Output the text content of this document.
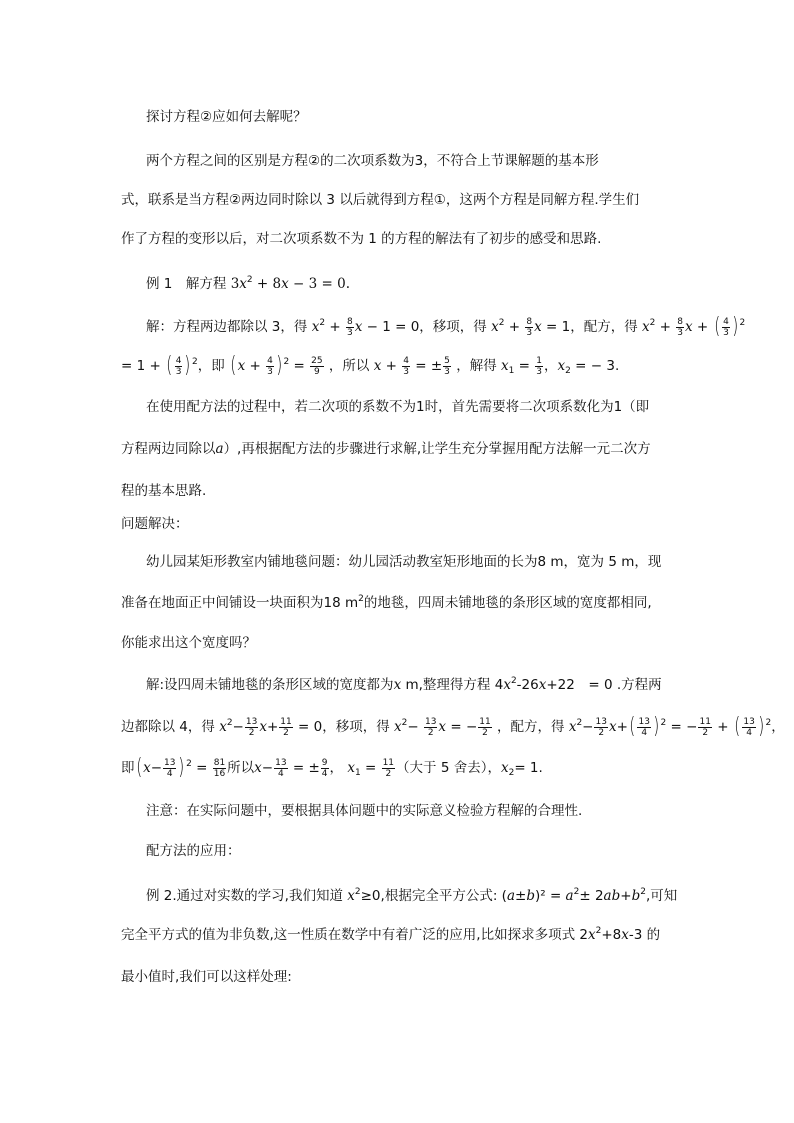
探讨方程②应如何去解呢？
两个方程之间的区别是方程②的二次项系数为3，不符合上节课解题的基本形
式，联系是当方程②两边同时除以 3 以后就得到方程①，这两个方程是同解方程.学生们
作了方程的变形以后，对二次项系数不为 1 的方程的解法有了初步的感受和思路.
例 1　解方程 $3x^2 + 8x - 3 = 0$.
解：方程两边都除以 3，得 $x^2 + \frac{8}{3}$ x − 1 = 0，移项，得 $x^2 + \frac{8}{3}$ x = 1，配方，得 $x^2 + \frac{8}{3}$ x + ( $\frac{4}{3} )^2$
= 1 + ( $\frac{4}{3} )^2$，即 $(x + \frac{4}{3} )^2 = \frac{25}{9}$ ，所以 $x + \frac{4}{3}$ = ± $\frac{5}{3}$ ，解得 $x_1 = \frac{1}{3}$ ，$x_2$ = − 3.
在使用配方法的过程中，若二次项的系数不为1时，首先需要将二次项系数化为1（即
方程两边同除以a）,再根据配方法的步骤进行求解,让学生充分掌握用配方法解一元二次方
程的基本思路.
问题解决：
幼儿园某矩形教室内铺地毯问题：幼儿园活动教室矩形地面的长为8 m，宽为 5 m，现
准备在地面正中间铺设一块面积为18 $m^2$的地毯，四周未铺地毯的条形区域的宽度都相同,
你能求出这个宽度吗？
解:设四周未铺地毯的条形区域的宽度都为x m,整理得方程 $4x^2-26x+22$　= 0 .方程两
边都除以 4，得 $x^2- \frac{13}{2} x+ \frac{11}{2} = 0$，移项，得 $x^2- \frac{13}{2}$ x = − $\frac{11}{2}$ ，配方，得 $x^2- \frac{13}{2} x+( \frac{13}{4} )^2$ = − $\frac{11}{2}$ + ( $\frac{13}{4} )^2$，
即$(x- \frac{13}{4} )^2 = \frac{81}{16}$ 所以$x- \frac{13}{4}$ = ± $\frac{9}{4}$ ， $x_1 = \frac{11}{2}$ （大于 5 舍去），$x_2= 1$.
注意：在实际问题中，要根据具体问题中的实际意义检验方程解的合理性.
配方法的应用：
例 2.通过对实数的学习,我们知道 $x^2\ge 0$,根据完全平方公式: $(a\pm b)^2 = a^2\pm 2ab+b^2$,可知
完全平方式的值为非负数,这一性质在数学中有着广泛的应用,比如探求多项式 $2x^2+8x-3$ 的
最小值时,我们可以这样处理:
